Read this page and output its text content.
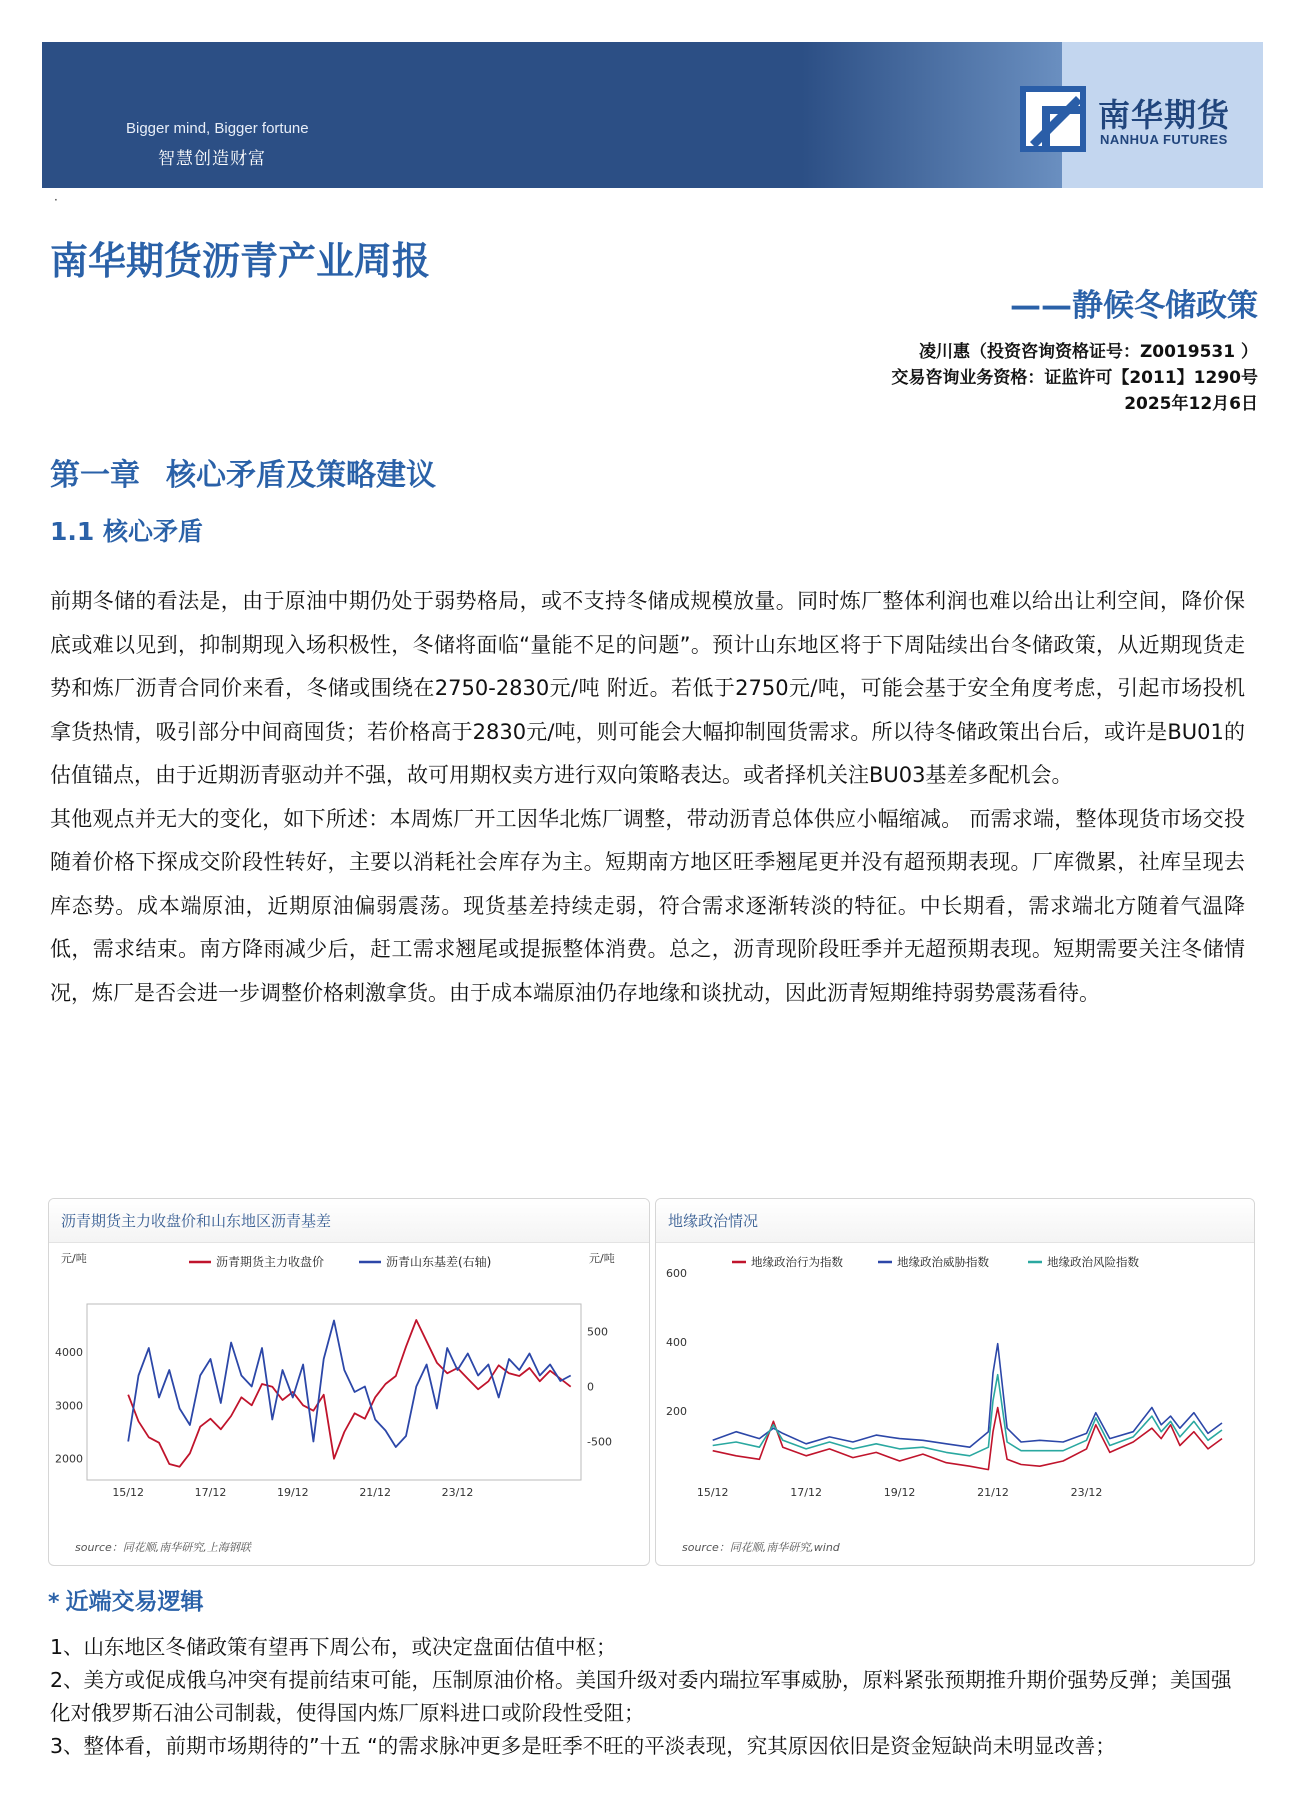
Bigger mind, Bigger fortune
智慧创造财富
南华期货
NANHUA FUTURES
·
南华期货沥青产业周报
——静候冬储政策
凌川惠（投资咨询资格证号：Z0019531 ）
交易咨询业务资格：证监许可【2011】1290号
2025年12月6日
第一章 核心矛盾及策略建议
1.1 核心矛盾

前期冬储的看法是，由于原油中期仍处于弱势格局，或不支持冬储成规模放量。同时炼厂整体利润也难以给出让利空间，降价保底或难以见到，抑制期现入场积极性，冬储将面临“量能不足的问题”。预计山东地区将于下周陆续出台冬储政策，从近期现货走势和炼厂沥青合同价来看，冬储或围绕在2750-2830元/吨 附近。若低于2750元/吨，可能会基于安全角度考虑，引起市场投机拿货热情，吸引部分中间商囤货；若价格高于2830元/吨，则可能会大幅抑制囤货需求。所以待冬储政策出台后，或许是BU01的估值锚点，由于近期沥青驱动并不强，故可用期权卖方进行双向策略表达。或者择机关注BU03基差多配机会。

其他观点并无大的变化，如下所述：本周炼厂开工因华北炼厂调整，带动沥青总体供应小幅缩减。 而需求端，整体现货市场交投随着价格下探成交阶段性转好，主要以消耗社会库存为主。短期南方地区旺季翘尾更并没有超预期表现。厂库微累，社库呈现去库态势。成本端原油，近期原油偏弱震荡。现货基差持续走弱，符合需求逐渐转淡的特征。中长期看，需求端北方随着气温降低，需求结束。南方降雨减少后，赶工需求翘尾或提振整体消费。总之，沥青现阶段旺季并无超预期表现。短期需要关注冬储情况，炼厂是否会进一步调整价格刺激拿货。由于成本端原油仍存地缘和谈扰动，因此沥青短期维持弱势震荡看待。

沥青期货主力收盘价和山东地区沥青基差
元/吨	元/吨
2000
3000
4000
-500
0
500
15/12	17/12	19/12	21/12	23/12
沥青期货主力收盘价	沥青山东基差(右轴)
source：同花顺,南华研究,上海钢联
地缘政治情况
200
400
600
15/12	17/12	19/12	21/12	23/12
地缘政治行为指数	地缘政治威胁指数	地缘政治风险指数
source：同花顺,南华研究,wind
* 近端交易逻辑
1、山东地区冬储政策有望再下周公布，或决定盘面估值中枢；
2、美方或促成俄乌冲突有提前结束可能，压制原油价格。美国升级对委内瑞拉军事威胁，原料紧张预期推升期价强势反弹；美国强化对俄罗斯石油公司制裁，使得国内炼厂原料进口或阶段性受阻；
3、整体看，前期市场期待的”十五 “的需求脉冲更多是旺季不旺的平淡表现，究其原因依旧是资金短缺尚未明显改善；
